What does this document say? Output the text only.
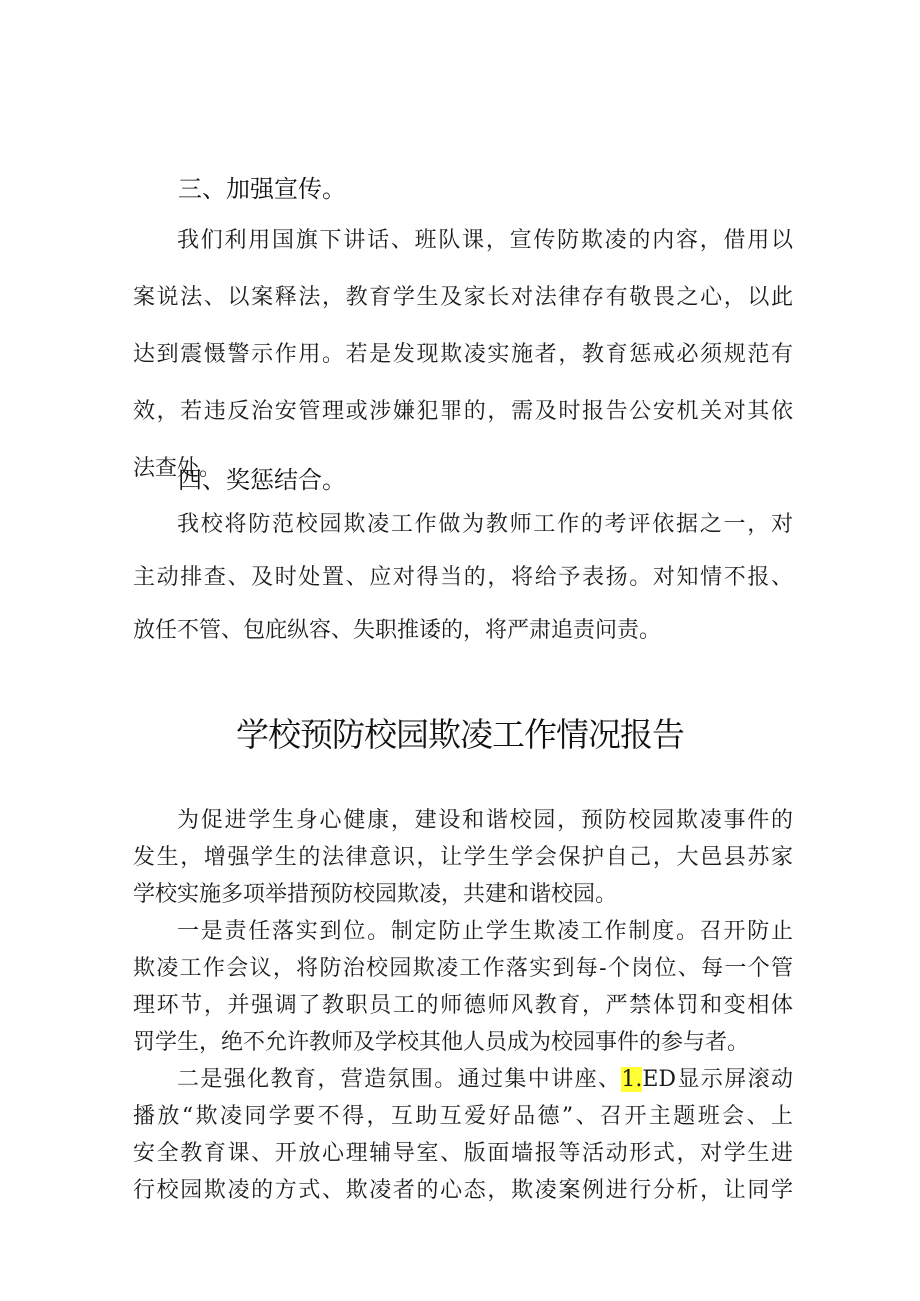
三、加强宣传。
我们利用国旗下讲话、班队课，宣传防欺凌的内容，借用以
案说法、以案释法，教育学生及家长对法律存有敬畏之心，以此
达到震慑警示作用。若是发现欺凌实施者，教育惩戒必须规范有
效，若违反治安管理或涉嫌犯罪的，需及时报告公安机关对其依
法查处。
四、奖惩结合。
我校将防范校园欺凌工作做为教师工作的考评依据之一，对
主动排查、及时处置、应对得当的，将给予表扬。对知情不报、
放任不管、包庇纵容、失职推诿的，将严肃追责问责。
学校预防校园欺凌工作情况报告
为促进学生身心健康，建设和谐校园，预防校园欺凌事件的
发生，增强学生的法律意识，让学生学会保护自己，大邑县苏家
学校实施多项举措预防校园欺凌，共建和谐校园。
一是责任落实到位。制定防止学生欺凌工作制度。召开防止
欺凌工作会议，将防治校园欺凌工作落实到每-个岗位、每一个管
理环节，并强调了教职员工的师德师风教育，严禁体罚和变相体
罚学生，绝不允许教师及学校其他人员成为校园事件的参与者。
二是强化教育，营造氛围。通过集中讲座、1.ED显示屏滚动
播放“欺凌同学要不得，互助互爱好品德”、召开主题班会、上
安全教育课、开放心理辅导室、版面墙报等活动形式，对学生进
行校园欺凌的方式、欺凌者的心态，欺凌案例进行分析，让同学
